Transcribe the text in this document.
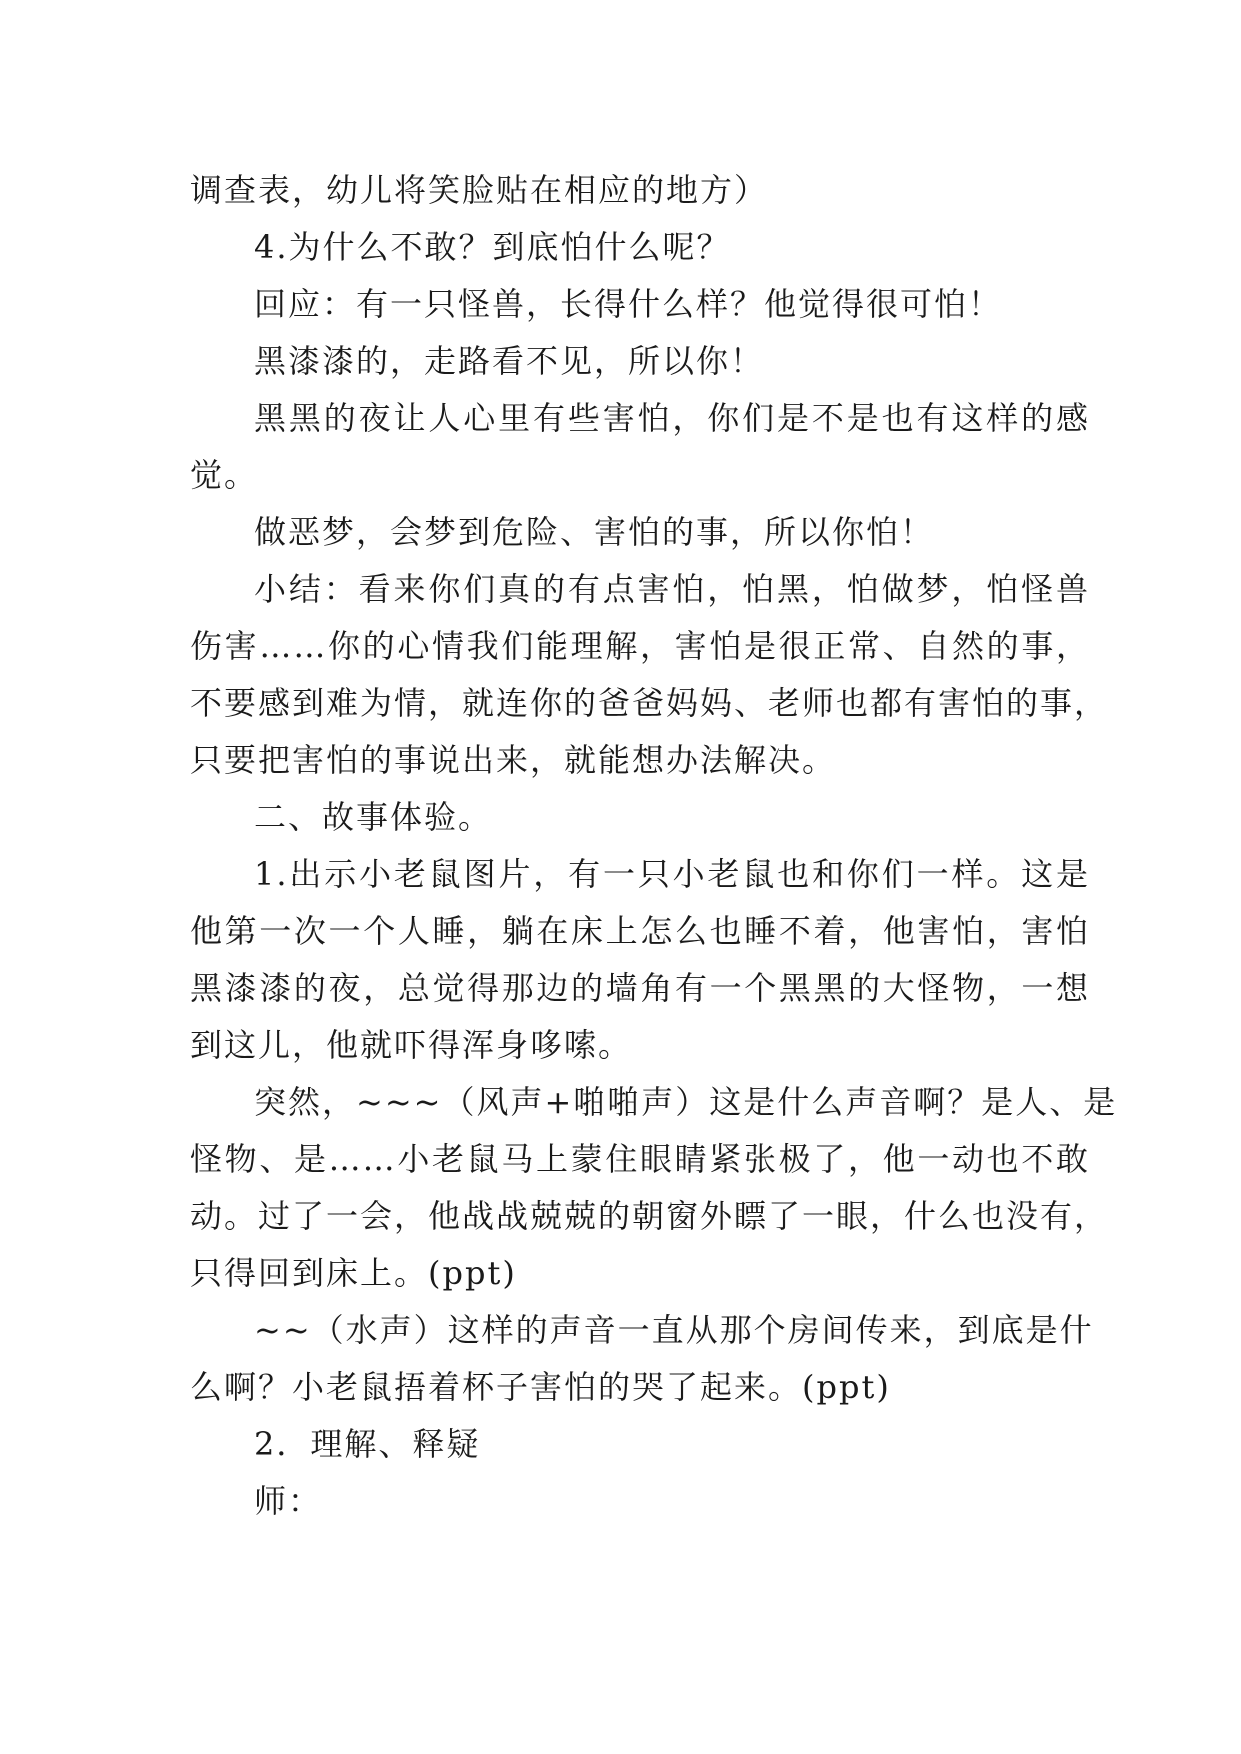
调查表，幼儿将笑脸贴在相应的地方）
4.为什么不敢？到底怕什么呢？
回应：有一只怪兽，长得什么样？他觉得很可怕！
黑漆漆的，走路看不见，所以你！
黑黑的夜让人心里有些害怕，你们是不是也有这样的感
觉。
做恶梦，会梦到危险、害怕的事，所以你怕！
小结：看来你们真的有点害怕，怕黑，怕做梦，怕怪兽
伤害……你的心情我们能理解，害怕是很正常、自然的事，
不要感到难为情，就连你的爸爸妈妈、老师也都有害怕的事，
只要把害怕的事说出来，就能想办法解决。
二、故事体验。
1.出示小老鼠图片，有一只小老鼠也和你们一样。这是
他第一次一个人睡，躺在床上怎么也睡不着，他害怕，害怕
黑漆漆的夜，总觉得那边的墙角有一个黑黑的大怪物，一想
到这儿，他就吓得浑身哆嗦。
突然，~~~（风声+啪啪声）这是什么声音啊？是人、是
怪物、是……小老鼠马上蒙住眼睛紧张极了，他一动也不敢
动。过了一会，他战战兢兢的朝窗外瞟了一眼，什么也没有，
只得回到床上。(ppt)
~~（水声）这样的声音一直从那个房间传来，到底是什
么啊？小老鼠捂着杯子害怕的哭了起来。(ppt)
2．理解、释疑
师：
